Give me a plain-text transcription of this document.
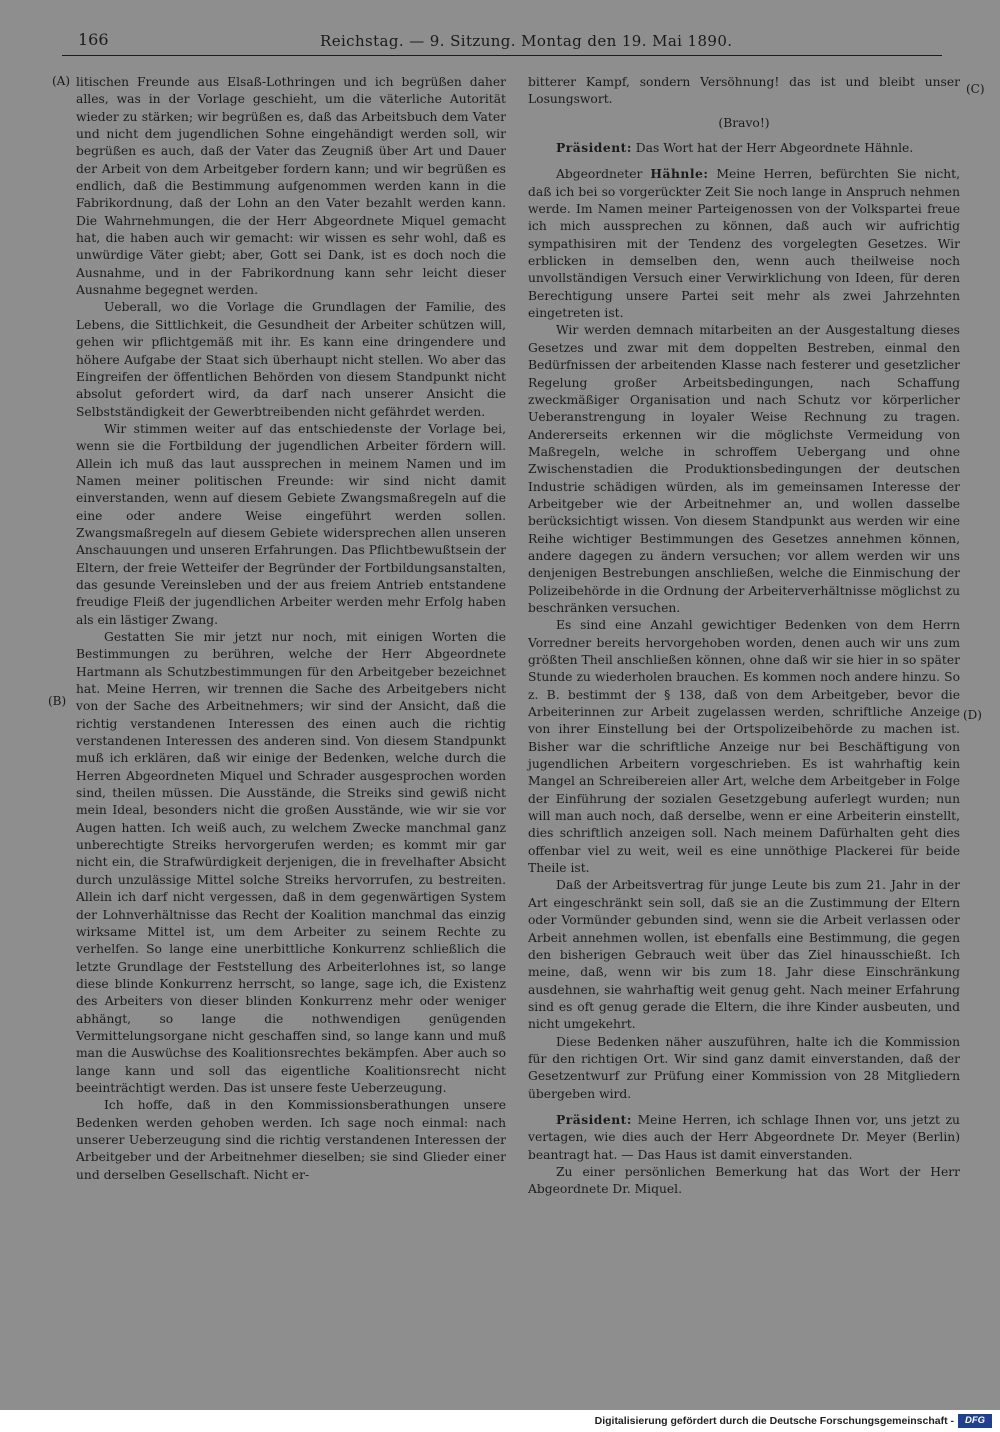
166	Reichstag. — 9. Sitzung. Montag den 19. Mai 1890.
(A)
(B)
(C)
(D)

litischen Freunde aus Elsaß-Lothringen und ich begrüßen daher alles, was in der Vorlage geschieht, um die väterliche Autorität wieder zu stärken; wir begrüßen es, daß das Arbeitsbuch dem Vater und nicht dem jugendlichen Sohne eingehändigt werden soll, wir begrüßen es auch, daß der Vater das Zeugniß über Art und Dauer der Arbeit von dem Arbeitgeber fordern kann; und wir begrüßen es endlich, daß die Bestimmung aufgenommen werden kann in die Fabrikordnung, daß der Lohn an den Vater bezahlt werden kann. Die Wahrnehmungen, die der Herr Abgeordnete Miquel gemacht hat, die haben auch wir gemacht: wir wissen es sehr wohl, daß es unwürdige Väter giebt; aber, Gott sei Dank, ist es doch noch die Ausnahme, und in der Fabrikordnung kann sehr leicht dieser Ausnahme begegnet werden.

Ueberall, wo die Vorlage die Grundlagen der Familie, des Lebens, die Sittlichkeit, die Gesundheit der Arbeiter schützen will, gehen wir pflichtgemäß mit ihr. Es kann eine dringendere und höhere Aufgabe der Staat sich überhaupt nicht stellen. Wo aber das Eingreifen der öffentlichen Behörden von diesem Standpunkt nicht absolut gefordert wird, da darf nach unserer Ansicht die Selbstständigkeit der Gewerbtreibenden nicht gefährdet werden.

Wir stimmen weiter auf das entschiedenste der Vorlage bei, wenn sie die Fortbildung der jugendlichen Arbeiter fördern will. Allein ich muß das laut aussprechen in meinem Namen und im Namen meiner politischen Freunde: wir sind nicht damit einverstanden, wenn auf diesem Gebiete Zwangsmaßregeln auf die eine oder andere Weise eingeführt werden sollen. Zwangsmaßregeln auf diesem Gebiete widersprechen allen unseren Anschauungen und unseren Erfahrungen. Das Pflichtbewußtsein der Eltern, der freie Wetteifer der Begründer der Fortbildungsanstalten, das gesunde Vereinsleben und der aus freiem Antrieb entstandene freudige Fleiß der jugendlichen Arbeiter werden mehr Erfolg haben als ein lästiger Zwang.

Gestatten Sie mir jetzt nur noch, mit einigen Worten die Bestimmungen zu berühren, welche der Herr Abgeordnete Hartmann als Schutzbestimmungen für den Arbeitgeber bezeichnet hat. Meine Herren, wir trennen die Sache des Arbeitgebers nicht von der Sache des Arbeitnehmers; wir sind der Ansicht, daß die richtig verstandenen Interessen des einen auch die richtig verstandenen Interessen des anderen sind. Von diesem Standpunkt muß ich erklären, daß wir einige der Bedenken, welche durch die Herren Abgeordneten Miquel und Schrader ausgesprochen worden sind, theilen müssen. Die Ausstände, die Streiks sind gewiß nicht mein Ideal, besonders nicht die großen Ausstände, wie wir sie vor Augen hatten. Ich weiß auch, zu welchem Zwecke manchmal ganz unberechtigte Streiks hervorgerufen werden; es kommt mir gar nicht ein, die Strafwürdigkeit derjenigen, die in frevelhafter Absicht durch unzulässige Mittel solche Streiks hervorrufen, zu bestreiten. Allein ich darf nicht vergessen, daß in dem gegenwärtigen System der Lohnverhältnisse das Recht der Koalition manchmal das einzig wirksame Mittel ist, um dem Arbeiter zu seinem Rechte zu verhelfen. So lange eine unerbittliche Konkurrenz schließlich die letzte Grundlage der Feststellung des Arbeiterlohnes ist, so lange diese blinde Konkurrenz herrscht, so lange, sage ich, die Existenz des Arbeiters von dieser blinden Konkurrenz mehr oder weniger abhängt, so lange die nothwendigen genügenden Vermittelungsorgane nicht geschaffen sind, so lange kann und muß man die Auswüchse des Koalitionsrechtes bekämpfen. Aber auch so lange kann und soll das eigentliche Koalitionsrecht nicht beeinträchtigt werden. Das ist unsere feste Ueberzeugung.

Ich hoffe, daß in den Kommissionsberathungen unsere Bedenken werden gehoben werden. Ich sage noch einmal: nach unserer Ueberzeugung sind die richtig verstandenen Interessen der Arbeitgeber und der Arbeitnehmer dieselben; sie sind Glieder einer und derselben Gesellschaft. Nicht er-

bitterer Kampf, sondern Versöhnung! das ist und bleibt unser Losungswort.

(Bravo!)

Präsident: Das Wort hat der Herr Abgeordnete Hähnle.

Abgeordneter Hähnle: Meine Herren, befürchten Sie nicht, daß ich bei so vorgerückter Zeit Sie noch lange in Anspruch nehmen werde. Im Namen meiner Parteigenossen von der Volkspartei freue ich mich aussprechen zu können, daß auch wir aufrichtig sympathisiren mit der Tendenz des vorgelegten Gesetzes. Wir erblicken in demselben den, wenn auch theilweise noch unvollständigen Versuch einer Verwirklichung von Ideen, für deren Berechtigung unsere Partei seit mehr als zwei Jahrzehnten eingetreten ist.

Wir werden demnach mitarbeiten an der Ausgestaltung dieses Gesetzes und zwar mit dem doppelten Bestreben, einmal den Bedürfnissen der arbeitenden Klasse nach festerer und gesetzlicher Regelung großer Arbeitsbedingungen, nach Schaffung zweckmäßiger Organisation und nach Schutz vor körperlicher Ueberanstrengung in loyaler Weise Rechnung zu tragen. Andererseits erkennen wir die möglichste Vermeidung von Maßregeln, welche in schroffem Uebergang und ohne Zwischenstadien die Produktionsbedingungen der deutschen Industrie schädigen würden, als im gemeinsamen Interesse der Arbeitgeber wie der Arbeitnehmer an, und wollen dasselbe berücksichtigt wissen. Von diesem Standpunkt aus werden wir eine Reihe wichtiger Bestimmungen des Gesetzes annehmen können, andere dagegen zu ändern versuchen; vor allem werden wir uns denjenigen Bestrebungen anschließen, welche die Einmischung der Polizeibehörde in die Ordnung der Arbeiterverhältnisse möglichst zu beschränken versuchen.

Es sind eine Anzahl gewichtiger Bedenken von dem Herrn Vorredner bereits hervorgehoben worden, denen auch wir uns zum größten Theil anschließen können, ohne daß wir sie hier in so später Stunde zu wiederholen brauchen. Es kommen noch andere hinzu. So z. B. bestimmt der § 138, daß von dem Arbeitgeber, bevor die Arbeiterinnen zur Arbeit zugelassen werden, schriftliche Anzeige von ihrer Einstellung bei der Ortspolizeibehörde zu machen ist. Bisher war die schriftliche Anzeige nur bei Beschäftigung von jugendlichen Arbeitern vorgeschrieben. Es ist wahrhaftig kein Mangel an Schreibereien aller Art, welche dem Arbeitgeber in Folge der Einführung der sozialen Gesetzgebung auferlegt wurden; nun will man auch noch, daß derselbe, wenn er eine Arbeiterin einstellt, dies schriftlich anzeigen soll. Nach meinem Dafürhalten geht dies offenbar viel zu weit, weil es eine unnöthige Plackerei für beide Theile ist.

Daß der Arbeitsvertrag für junge Leute bis zum 21. Jahr in der Art eingeschränkt sein soll, daß sie an die Zustimmung der Eltern oder Vormünder gebunden sind, wenn sie die Arbeit verlassen oder Arbeit annehmen wollen, ist ebenfalls eine Bestimmung, die gegen den bisherigen Gebrauch weit über das Ziel hinausschießt. Ich meine, daß, wenn wir bis zum 18. Jahr diese Einschränkung ausdehnen, sie wahrhaftig weit genug geht. Nach meiner Erfahrung sind es oft genug gerade die Eltern, die ihre Kinder ausbeuten, und nicht umgekehrt.

Diese Bedenken näher auszuführen, halte ich die Kommission für den richtigen Ort. Wir sind ganz damit einverstanden, daß der Gesetzentwurf zur Prüfung einer Kommission von 28 Mitgliedern übergeben wird.

Präsident: Meine Herren, ich schlage Ihnen vor, uns jetzt zu vertagen, wie dies auch der Herr Abgeordnete Dr. Meyer (Berlin) beantragt hat. — Das Haus ist damit einverstanden.

Zu einer persönlichen Bemerkung hat das Wort der Herr Abgeordnete Dr. Miquel.

Digitalisierung gefördert durch die Deutsche Forschungsgemeinschaft -	DFG
